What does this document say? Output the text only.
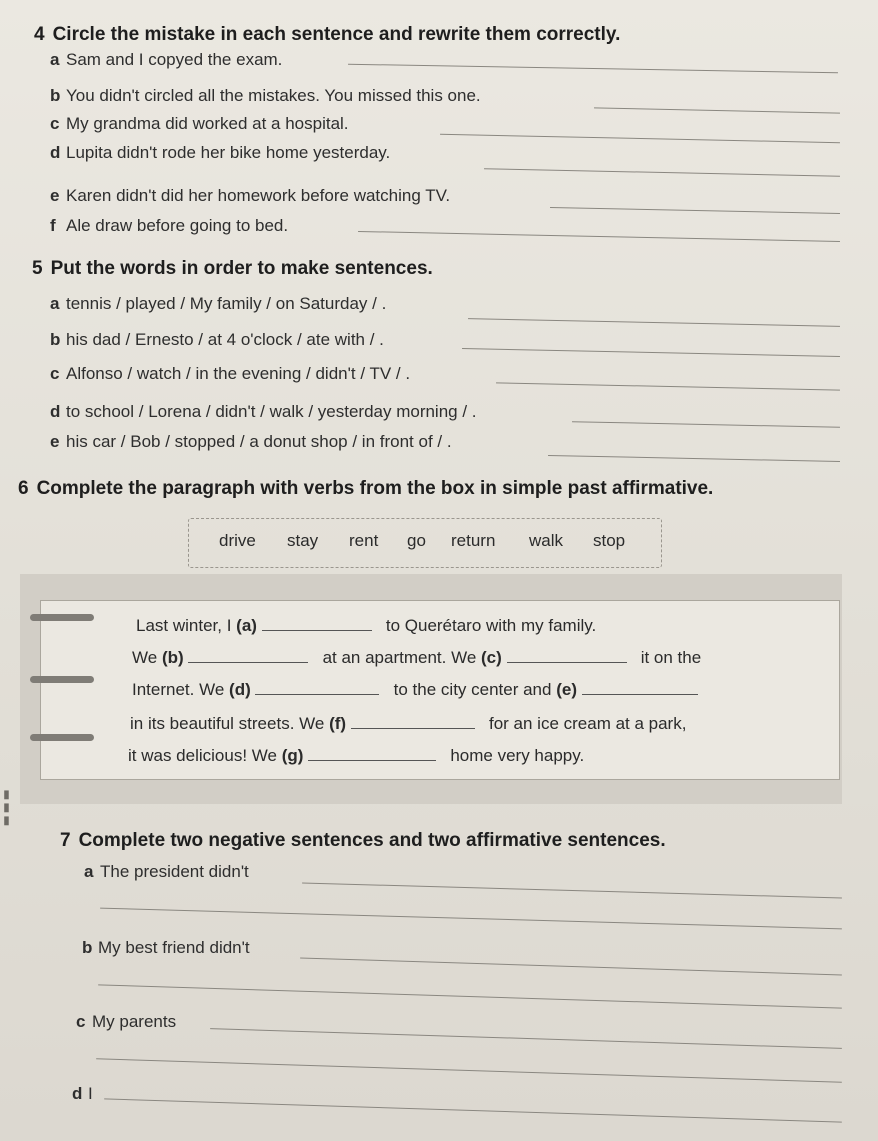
4 Circle the mistake in each sentence and rewrite them correctly.
a Sam and I copyed the exam.
b You didn't circled all the mistakes. You missed this one.
c My grandma did worked at a hospital.
d Lupita didn't rode her bike home yesterday.
e Karen didn't did her homework before watching TV.
f Ale draw before going to bed.
5 Put the words in order to make sentences.
a tennis / played / My family / on Saturday / .
b his dad / Ernesto / at 4 o'clock / ate with / .
c Alfonso / watch / in the evening / didn't / TV / .
d to school / Lorena / didn't / walk / yesterday morning / .
e his car / Bob / stopped / a donut shop / in front of / .
6 Complete the paragraph with verbs from the box in simple past affirmative.
drive stay rent go return walk stop
Last winter, I (a)	to Querétaro with my family.
We (b)	at an apartment. We (c)	it on the
Internet. We (d)	to the city center and (e)
in its beautiful streets. We (f)	for an ice cream at a park,
it was delicious! We (g)	home very happy.
▮▮▮
7 Complete two negative sentences and two affirmative sentences.
a The president didn't
b My best friend didn't
c My parents
d I
